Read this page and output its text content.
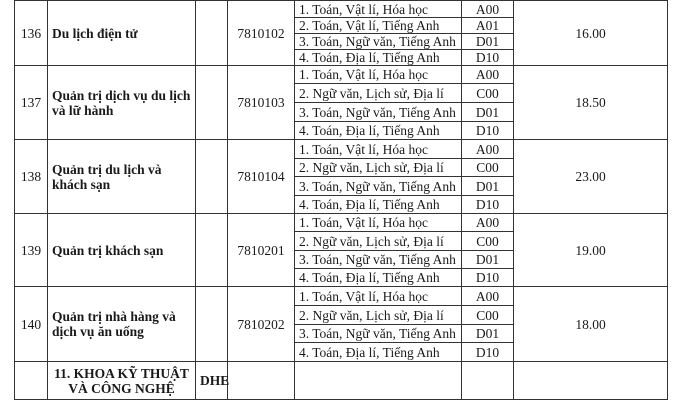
136	Du lịch điện tử		7810102	1. Toán, Vật lí, Hóa học	A00	16.00
				2. Toán, Vật lí, Tiếng Anh	A01	
				3. Toán, Ngữ văn, Tiếng Anh	D01	
				4. Toán, Địa lí, Tiếng Anh	D10	
137	Quản trị dịch vụ du lịch và lữ hành		7810103	1. Toán, Vật lí, Hóa học	A00	18.50
				2. Ngữ văn, Lịch sử, Địa lí	C00	
				3. Toán, Ngữ văn, Tiếng Anh	D01	
				4. Toán, Địa lí, Tiếng Anh	D10	
138	Quản trị du lịch và khách sạn		7810104	1. Toán, Vật lí, Hóa học	A00	23.00
				2. Ngữ văn, Lịch sử, Địa lí	C00	
				3. Toán, Ngữ văn, Tiếng Anh	D01	
				4. Toán, Địa lí, Tiếng Anh	D10	
139	Quản trị khách sạn		7810201	1. Toán, Vật lí, Hóa học	A00	19.00
				2. Ngữ văn, Lịch sử, Địa lí	C00	
				3. Toán, Ngữ văn, Tiếng Anh	D01	
				4. Toán, Địa lí, Tiếng Anh	D10	
140	Quản trị nhà hàng và dịch vụ ăn uống		7810202	1. Toán, Vật lí, Hóa học	A00	18.00
				2. Ngữ văn, Lịch sử, Địa lí	C00	
				3. Toán, Ngữ văn, Tiếng Anh	D01	
				4. Toán, Địa lí, Tiếng Anh	D10	
	11. KHOA KỸ THUẬT VÀ CÔNG NGHỆ	DHE				
